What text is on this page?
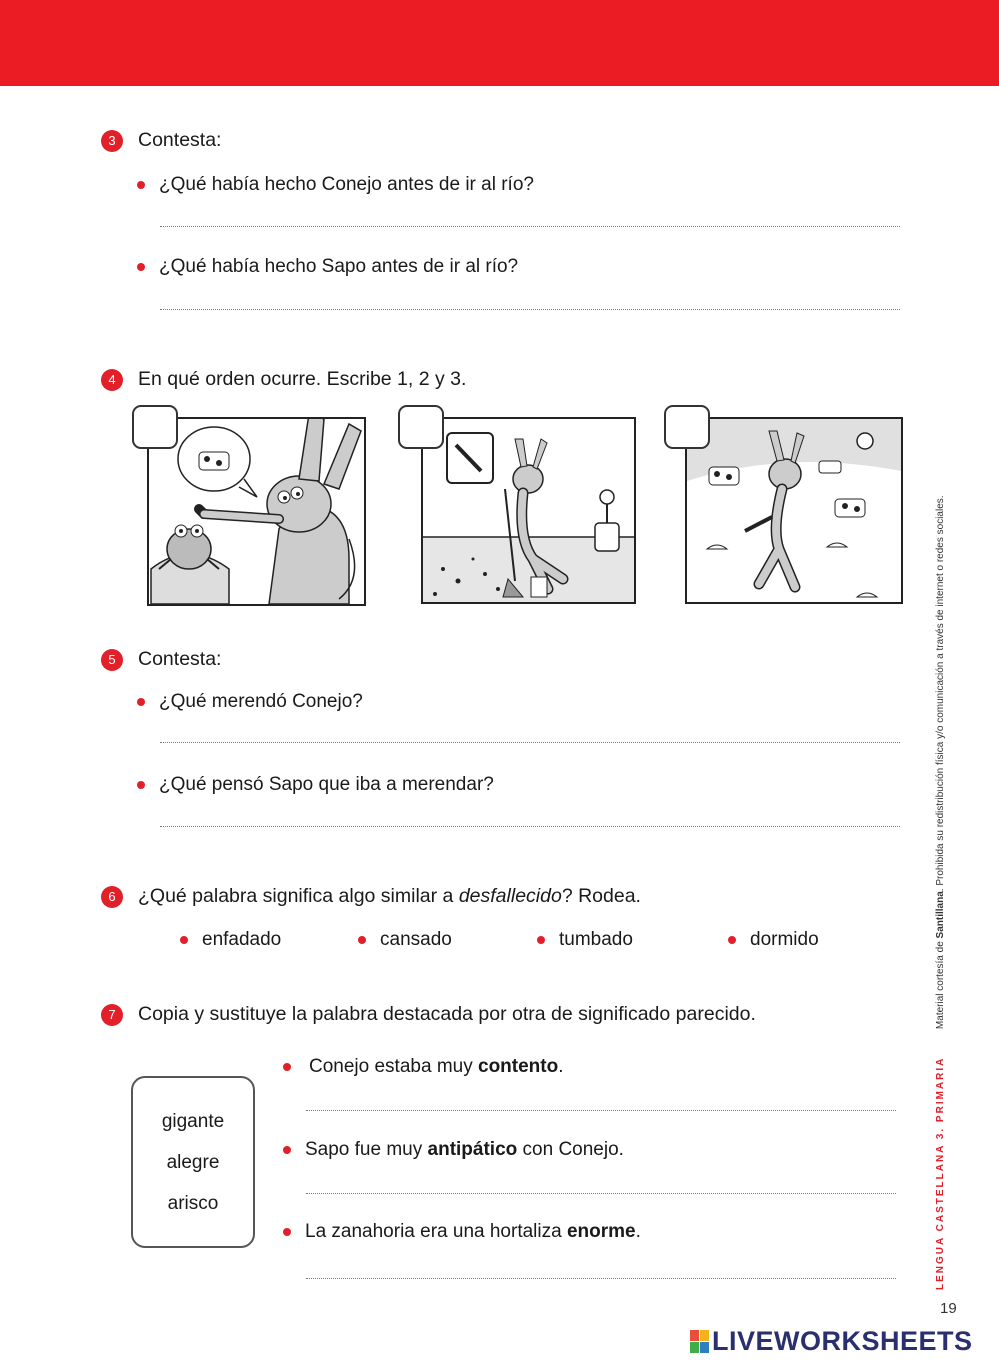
3	Contesta:
¿Qué había hecho Conejo antes de ir al río?
¿Qué había hecho Sapo antes de ir al río?
4	En qué orden ocurre. Escribe 1, 2 y 3.
5	Contesta:
¿Qué merendó Conejo?
¿Qué pensó Sapo que iba a merendar?
6	¿Qué palabra significa algo similar a desfallecido? Rodea.
enfadado	cansado	tumbado	dormido
7	Copia y sustituye la palabra destacada por otra de significado parecido.
gigante
alegre
arisco
Conejo estaba muy contento.
Sapo fue muy antipático con Conejo.
La zanahoria era una hortaliza enorme.	LENGUA CASTELLANA 3. PRIMARIA  Material cortesía de Santillana. Prohibida su redistribución física y/o comunicación a través de internet o redes sociales.
19
LIVEWORKSHEETS
